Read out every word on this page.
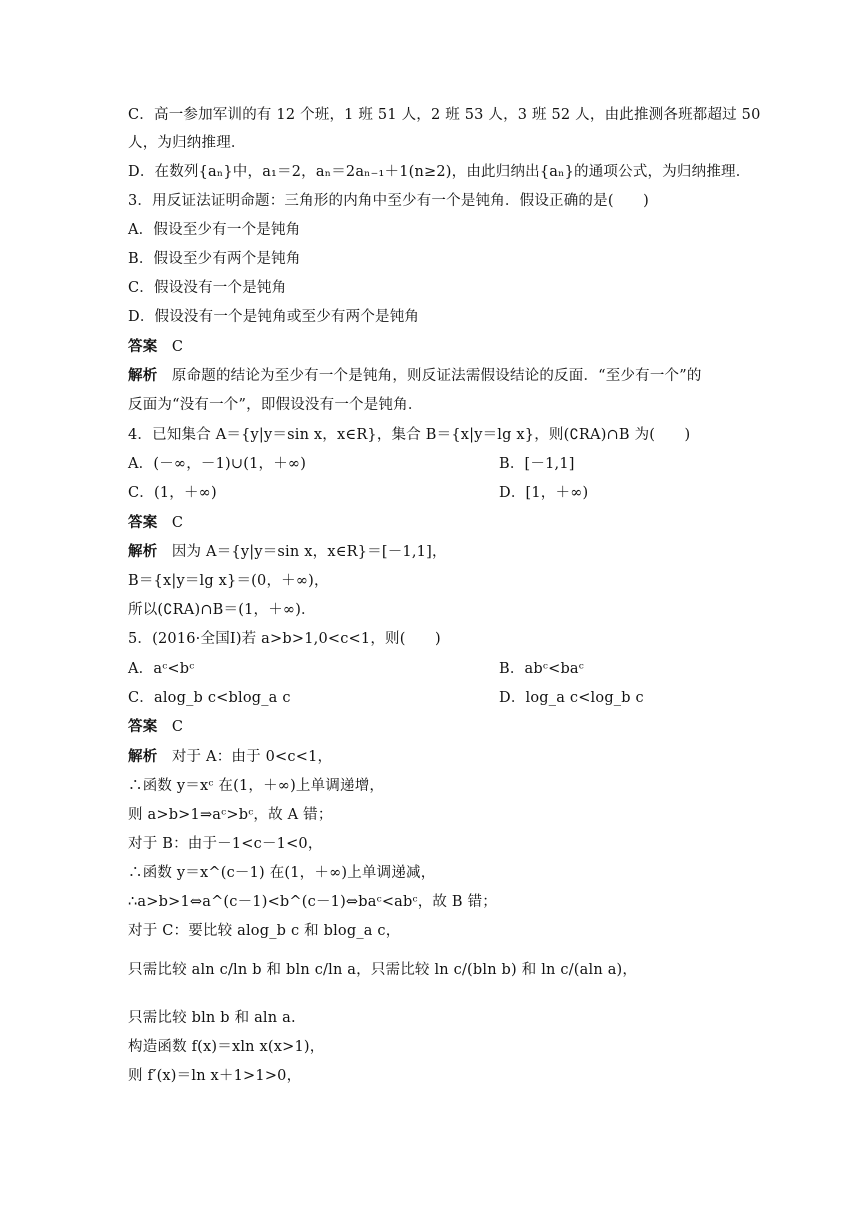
C．高一参加军训的有 12 个班，1 班 51 人，2 班 53 人，3 班 52 人，由此推测各班都超过 50
人，为归纳推理．
D．在数列{aₙ}中，a₁＝2，aₙ＝2aₙ₋₁＋1(n≥2)，由此归纳出{aₙ}的通项公式，为归纳推理．
3．用反证法证明命题：三角形的内角中至少有一个是钝角．假设正确的是(　　)
A．假设至少有一个是钝角
B．假设至少有两个是钝角
C．假设没有一个是钝角
D．假设没有一个是钝角或至少有两个是钝角
答案 C
解析 原命题的结论为至少有一个是钝角，则反证法需假设结论的反面．“至少有一个”的
反面为“没有一个”，即假设没有一个是钝角．
4．已知集合 A＝{y|y＝sin x，x∈R}，集合 B＝{x|y＝lg x}，则(∁RA)∩B 为(　　)
A．(－∞，－1)∪(1，＋∞)	B．[－1,1]
C．(1，＋∞)	D．[1，＋∞)
答案 C
解析 因为 A＝{y|y＝sin x，x∈R}＝[－1,1]，
B＝{x|y＝lg x}＝(0，＋∞)，
所以(∁RA)∩B＝(1，＋∞)．
5．(2016·全国Ⅰ)若 a>b>1,0<c<1，则(　　)
A．aᶜ<bᶜ	B．abᶜ<baᶜ
C．alog_b c<blog_a c	D．log_a c<log_b c
答案 C
解析 对于 A：由于 0<c<1，
∴函数 y＝xᶜ 在(1，＋∞)上单调递增，
则 a>b>1⇒aᶜ>bᶜ，故 A 错；
对于 B：由于－1<c－1<0，
∴函数 y＝x^(c－1) 在(1，＋∞)上单调递减，
∴a>b>1⇔a^(c－1)<b^(c－1)⇔baᶜ<abᶜ，故 B 错；
对于 C：要比较 alog_b c 和 blog_a c，
只需比较 aln c/ln b 和 bln c/ln a，只需比较 ln c/(bln b) 和 ln c/(aln a)，
只需比较 bln b 和 aln a.
构造函数 f(x)＝xln x(x>1)，
则 f′(x)＝ln x＋1>1>0，
